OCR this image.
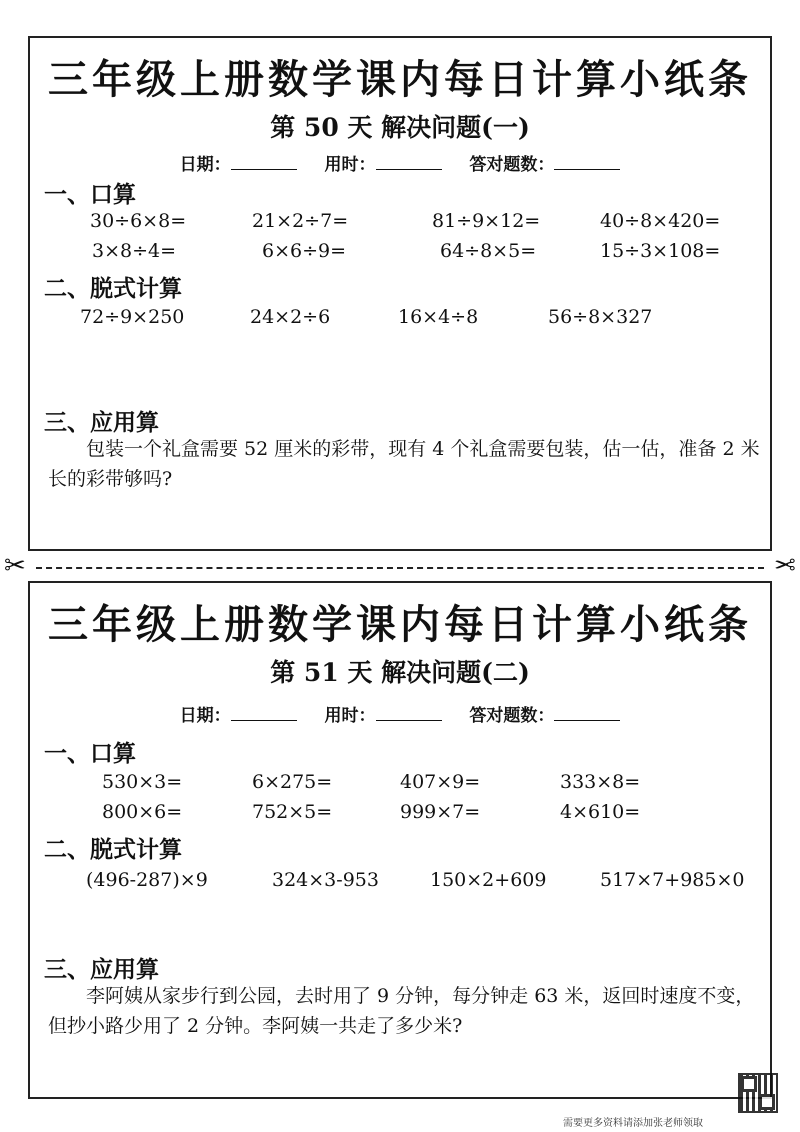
三年级上册数学课内每日计算小纸条
第 50 天 解决问题(一)
日期：	用时：	答对题数：
一、口算
30÷6×8=	21×2÷7=	81÷9×12=	40÷8×420=
3×8÷4=	6×6÷9=	64÷8×5=	15÷3×108=
二、脱式计算
72÷9×250	24×2÷6	16×4÷8	56÷8×327
三、应用算
包装一个礼盒需要 52 厘米的彩带，现有 4 个礼盒需要包装，估一估，准备 2 米 长的彩带够吗?
✂	✂
三年级上册数学课内每日计算小纸条
第 51 天 解决问题(二)
日期：	用时：	答对题数：
一、口算
530×3=	6×275=	407×9=	333×8=
800×6=	752×5=	999×7=	4×610=
二、脱式计算
(496-287)×9	324×3-953	150×2+609	517×7+985×0
三、应用算
李阿姨从家步行到公园，去时用了 9 分钟，每分钟走 63 米，返回时速度不变， 但抄小路少用了 2 分钟。李阿姨一共走了多少米?
需要更多资料请添加张老师领取
